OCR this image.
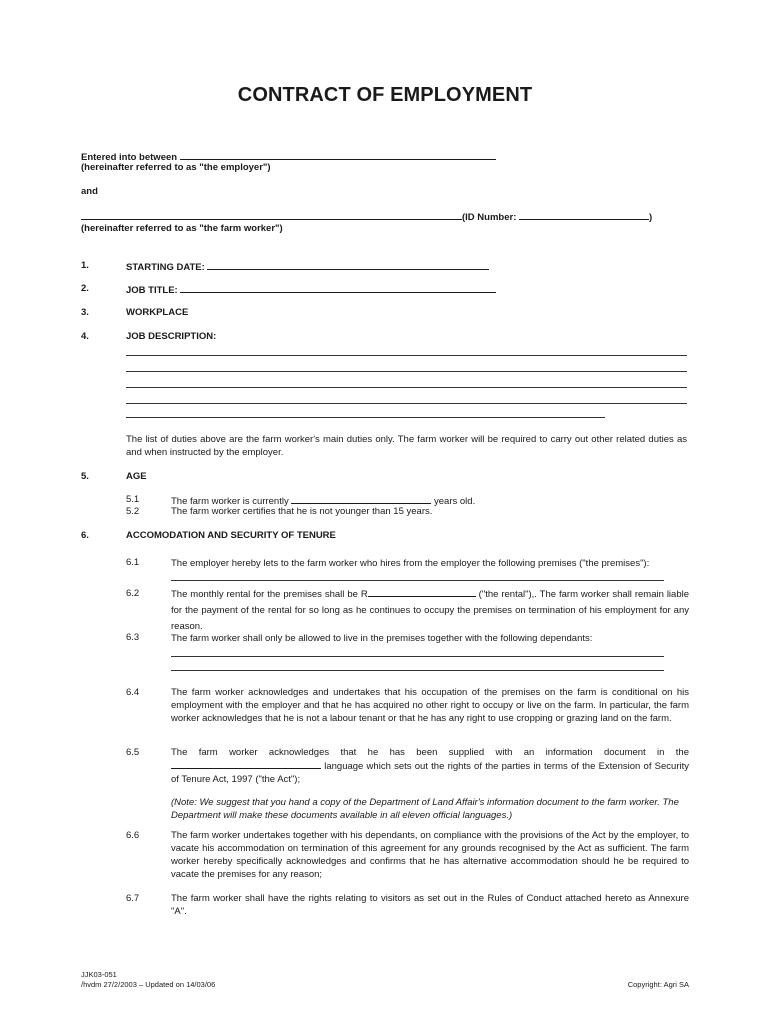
CONTRACT OF EMPLOYMENT
Entered into between
(hereinafter referred to as "the employer")
and
(ID Number:	)
(hereinafter referred to as "the farm worker")
1.	STARTING DATE:
2.	JOB TITLE:
3.	WORKPLACE
4.	JOB DESCRIPTION:
The list of duties above are the farm worker's main duties only. The farm worker will be required to carry out other related duties as and when instructed by the employer.
5.	AGE
5.1	The farm worker is currently	years old.
5.2	The farm worker certifies that he is not younger than 15 years.
6.	ACCOMODATION AND SECURITY OF TENURE
6.1	The employer hereby lets to the farm worker who hires from the employer the following premises ("the premises"):
6.2	The monthly rental for the premises shall be R	("the rental"),. The farm worker shall remain liable for the payment of the rental for so long as he continues to occupy the premises on termination of his employment for any reason.
6.3	The farm worker shall only be allowed to live in the premises together with the following dependants:
6.4	The farm worker acknowledges and undertakes that his occupation of the premises on the farm is conditional on his employment with the employer and that he has acquired no other right to occupy or live on the farm. In particular, the farm worker acknowledges that he is not a labour tenant or that he has any right to use cropping or grazing land on the farm.
6.5	The farm worker acknowledges that he has been supplied with an information document in the  language which sets out the rights of the parties in terms of the Extension of Security of Tenure Act, 1997 ("the Act");
(Note: We suggest that you hand a copy of the Department of Land Affair's information document to the farm worker. The Department will make these documents available in all eleven official languages.)
6.6	The farm worker undertakes together with his dependants, on compliance with the provisions of the Act by the employer, to vacate his accommodation on termination of this agreement for any grounds recognised by the Act as sufficient. The farm worker hereby specifically acknowledges and confirms that he has alternative accommodation should he be required to vacate the premises for any reason;
6.7	The farm worker shall have the rights relating to visitors as set out in the Rules of Conduct attached hereto as Annexure "A".
JJK03-051
/hvdm 27/2/2003 – Updated on 14/03/06	Copyright: Agri SA
